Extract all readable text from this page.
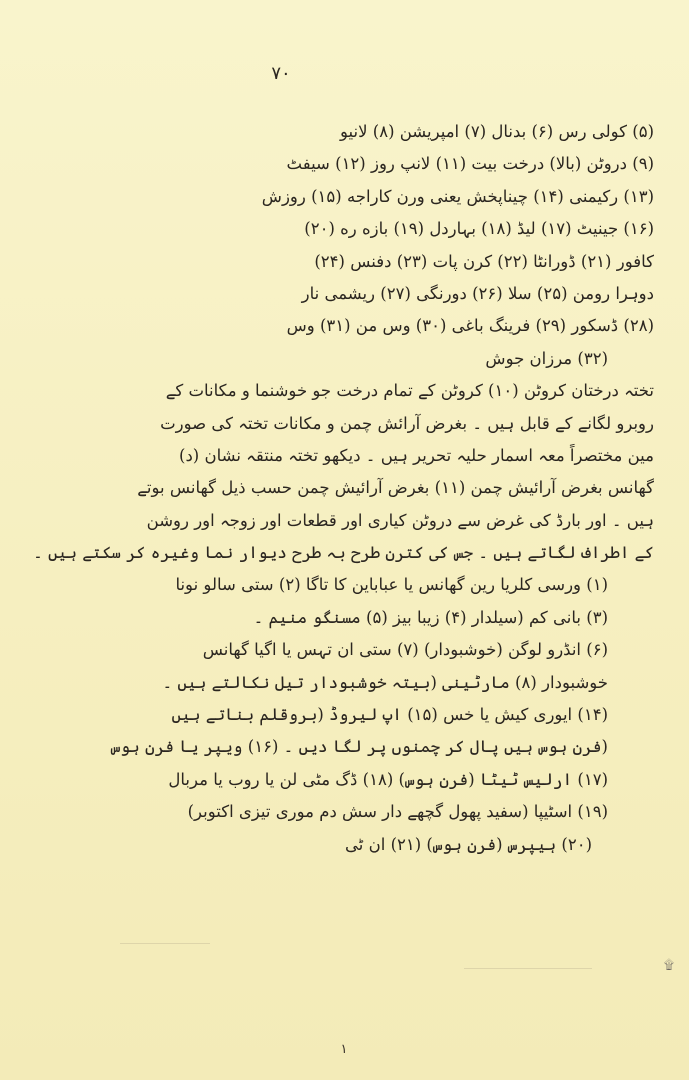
۷۰
(۵) کولی رس (۶) بدنال (۷) امپریشن (۸) لانیو
(۹) دروٹن (بالا) درخت بیت (۱۱) لانپ روز (۱۲) سیفٹ
(۱۳) رکیمنی (۱۴) چیناپخش یعنی ورن کاراجه (۱۵) روزش
(۱۶) جینیٹ (۱۷) لیڈ (۱۸) بہاردل (۱۹) بازه ره (۲۰)
کافور (۲۱) ڈورانٹا (۲۲) کرن پات (۲۳) دفنس (۲۴)
دوہرا رومن (۲۵) سلا (۲۶) دورنگی (۲۷) ریشمی نار
(۲۸) ڈسکور (۲۹) فرینگ باغی (۳۰) وس من (۳۱) وس
(۳۲) مرزان جوش
تختہ درختان کروٹن (۱۰) کروٹن کے تمام درخت جو خوشنما و مکانات کے
روبرو لگانے کے قابل ہیں ۔ بغرض آرائش چمن و مکانات تختہ کی صورت
مین مختصراً معہ اسمار حلیہ تحریر ہیں ۔ دیکھو تختہ منتقہ نشان (د)
گھانس بغرض آرائیش چمن (۱۱) بغرض آرائیش چمن حسب ذیل گھانس بوتے
ہیں ۔ اور بارڈ کی غرض سے دروٹن کیاری اور قطعات اور زوجہ اور روشن
کے اطراف لگاتے ہیں ۔ جس کی کترن طرح بہ طرح دیوار نما وغیرہ کر سکتے ہیں ۔
(۱) ورسی کلریا رین گھانس یا عباباین کا تاگا (۲) ستی سالو نونا
(۳) بانی کم (سیلدار (۴) زیبا بیز (۵) مسنگو منیم ۔
(۶) انڈرو لوگن (خوشبودار) (۷) ستی ان تہس یا اگیا گھانس
خوشبودار (۸) مارٹینی (بیتہ خوشبودار تیل نکالتے ہیں ۔
(۱۴) ایوری کیش یا خس (۱۵) اپ لیروڈ (بروقلم بناتے ہیں
(فرن ہوس ہیں پال کر چمنوں پر لگا دیں ۔ (۱۶) ویپر یا فرن ہوس
(۱۷) ارلیس ٹیٹا (فرن ہوس) (۱۸) ڈگ مٹی لن یا روب یا مربال
(۱۹) اسٹیپا (سفید پھول گچھے دار سش دم موری تیزی اکتوبر)
(۲۰) ہیپرس (فرن ہوس) (۲۱) ان ٹی
۩
۱
